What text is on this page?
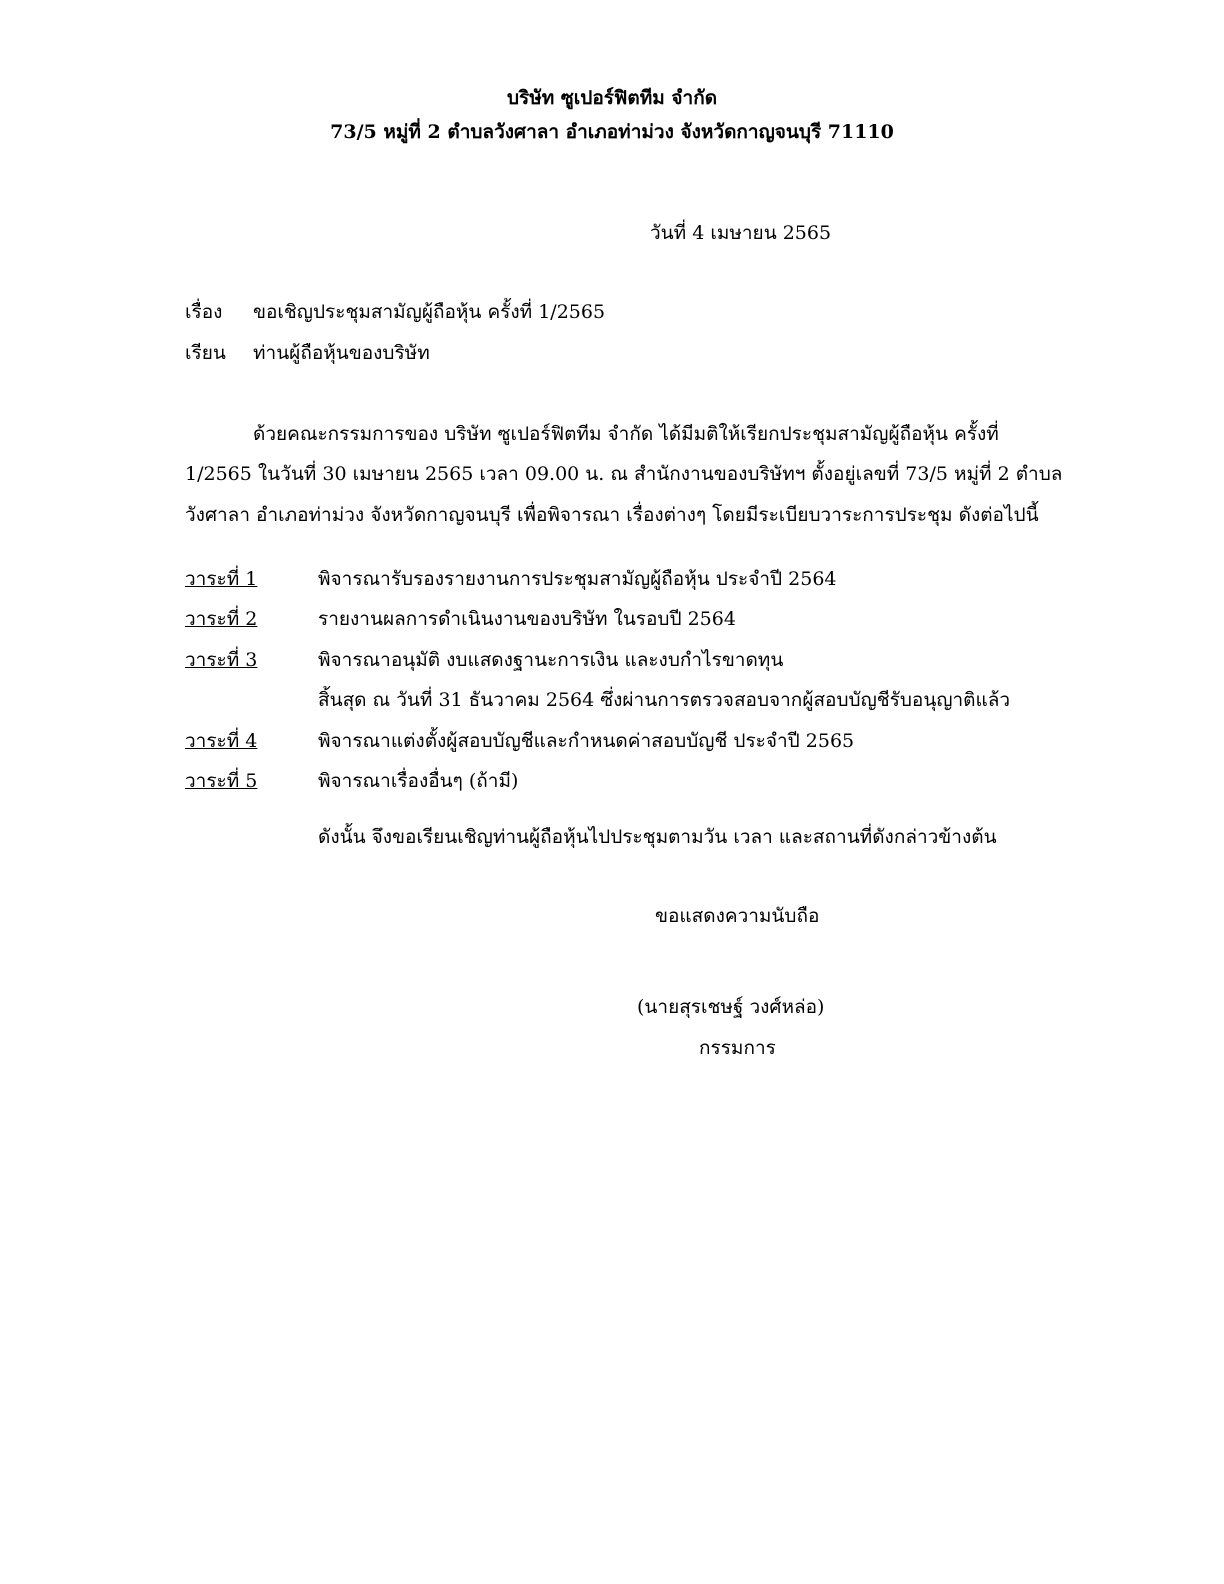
บริษัท ซูเปอร์ฟิตทีม จำกัด
73/5 หมู่ที่ 2 ตำบลวังศาลา อำเภอท่าม่วง จังหวัดกาญจนบุรี 71110
วันที่ 4 เมษายน 2565
เรื่อง ขอเชิญประชุมสามัญผู้ถือหุ้น ครั้งที่ 1/2565
เรียน ท่านผู้ถือหุ้นของบริษัท
ด้วยคณะกรรมการของ บริษัท ซูเปอร์ฟิตทีม จำกัด ได้มีมติให้เรียกประชุมสามัญผู้ถือหุ้น ครั้งที่
1/2565 ในวันที่ 30 เมษายน 2565 เวลา 09.00 น. ณ สำนักงานของบริษัทฯ ตั้งอยู่เลขที่ 73/5 หมู่ที่ 2 ตำบล
วังศาลา อำเภอท่าม่วง จังหวัดกาญจนบุรี เพื่อพิจารณา เรื่องต่างๆ โดยมีระเบียบวาระการประชุม ดังต่อไปนี้
วาระที่ 1	พิจารณารับรองรายงานการประชุมสามัญผู้ถือหุ้น ประจำปี 2564
วาระที่ 2	รายงานผลการดำเนินงานของบริษัท ในรอบปี 2564
วาระที่ 3	พิจารณาอนุมัติ งบแสดงฐานะการเงิน และงบกำไรขาดทุน
สิ้นสุด ณ วันที่ 31 ธันวาคม 2564 ซึ่งผ่านการตรวจสอบจากผู้สอบบัญชีรับอนุญาติแล้ว
วาระที่ 4	พิจารณาแต่งตั้งผู้สอบบัญชีและกำหนดค่าสอบบัญชี ประจำปี 2565
วาระที่ 5	พิจารณาเรื่องอื่นๆ (ถ้ามี)
ดังนั้น จึงขอเรียนเชิญท่านผู้ถือหุ้นไปประชุมตามวัน เวลา และสถานที่ดังกล่าวข้างต้น
ขอแสดงความนับถือ
(นายสุรเชษฐ์ วงศ์หล่อ)
กรรมการ
